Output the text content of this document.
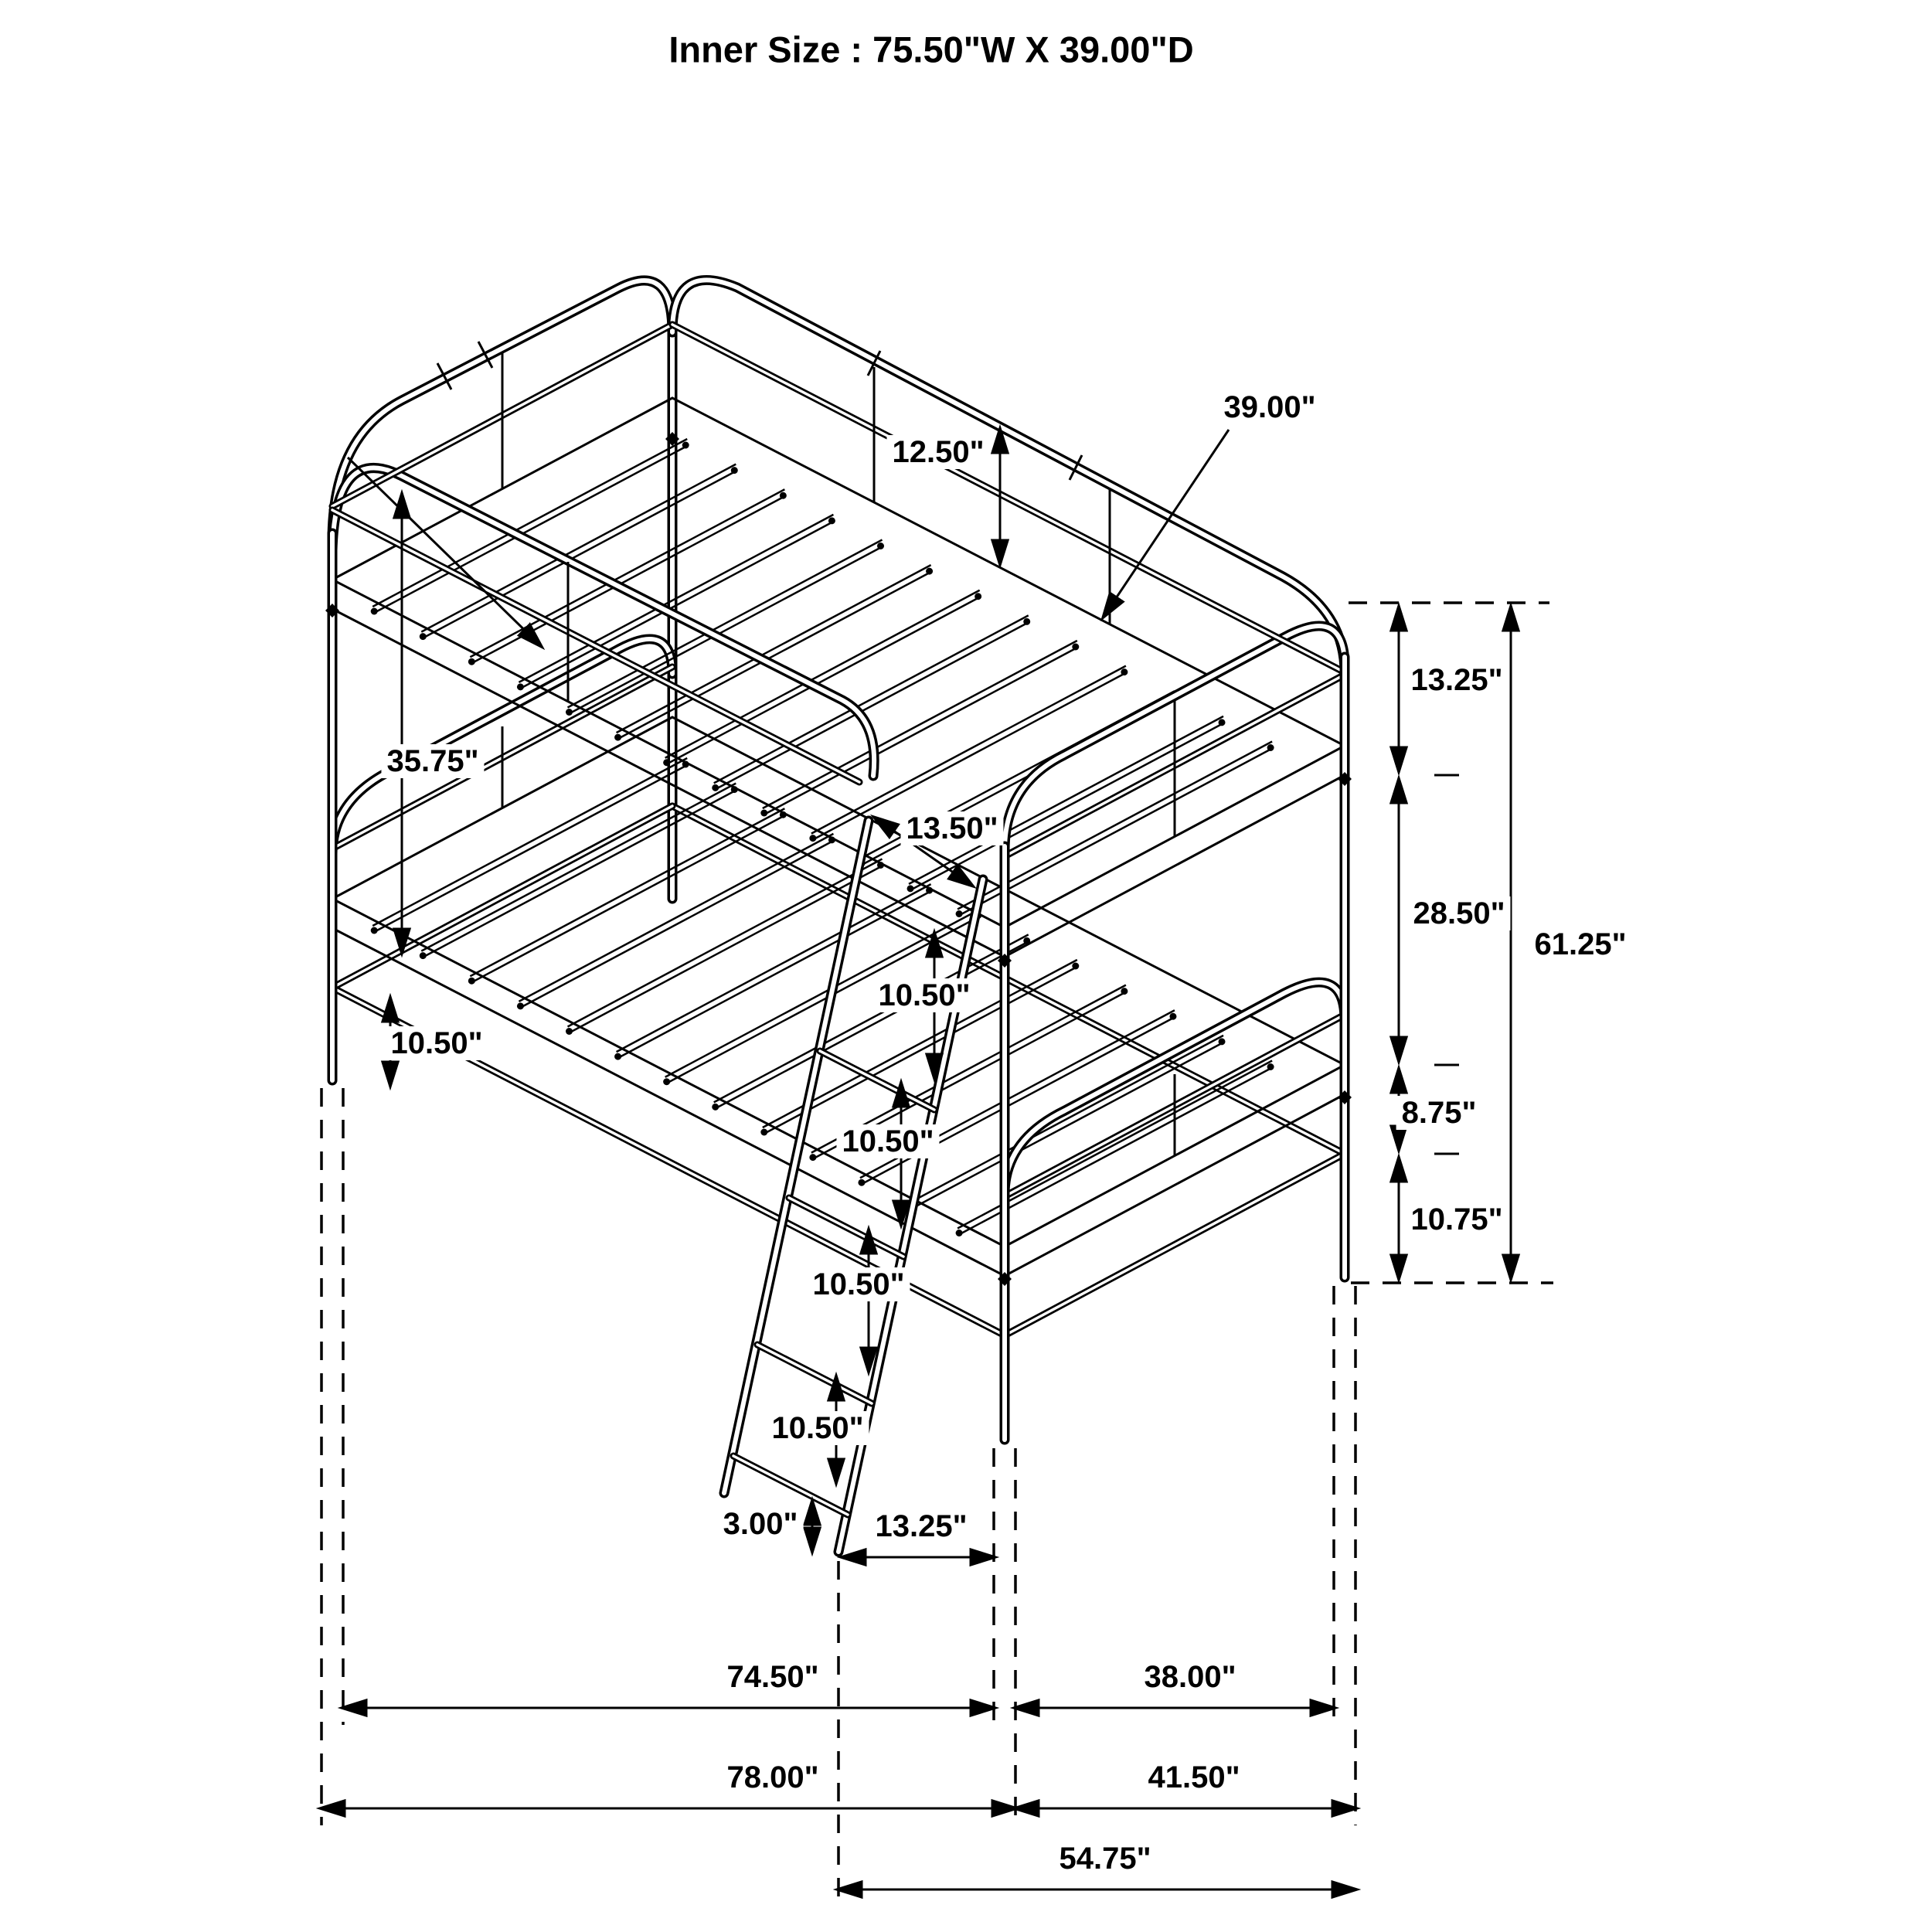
Inner Size : 75.50"W X 39.00"D
12.50"
39.00"
13.25"
28.50"
8.75"
10.75"
61.25"
35.75"
10.50"
13.50"
10.50"
10.50"
10.50"
10.50"
3.00"	13.25"
74.50"	38.00"
78.00"	41.50"
54.75"
